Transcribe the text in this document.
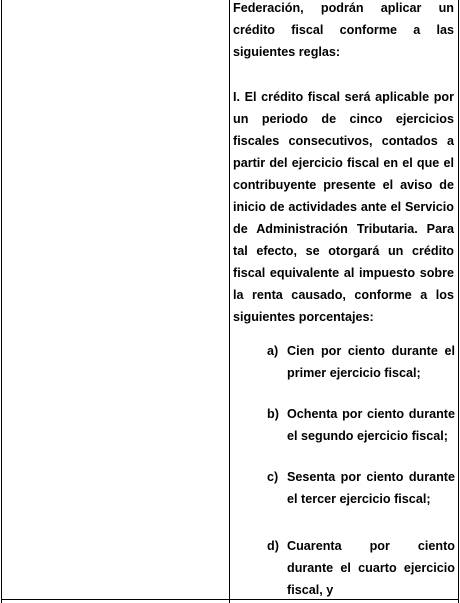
Federación, podrán aplicar un crédito fiscal conforme a las siguientes reglas:

I. El crédito fiscal será aplicable por un periodo de cinco ejercicios fiscales consecutivos, contados a partir del ejercicio fiscal en el que el contribuyente presente el aviso de inicio de actividades ante el Servicio de Administración Tributaria. Para tal efecto, se otorgará un crédito fiscal equivalente al impuesto sobre la renta causado, conforme a los siguientes porcentajes:

a) Cien por ciento durante el primer ejercicio fiscal;
b) Ochenta por ciento durante el segundo ejercicio fiscal;
c) Sesenta por ciento durante el tercer ejercicio fiscal;
d) Cuarenta por ciento durante el cuarto ejercicio fiscal, y
